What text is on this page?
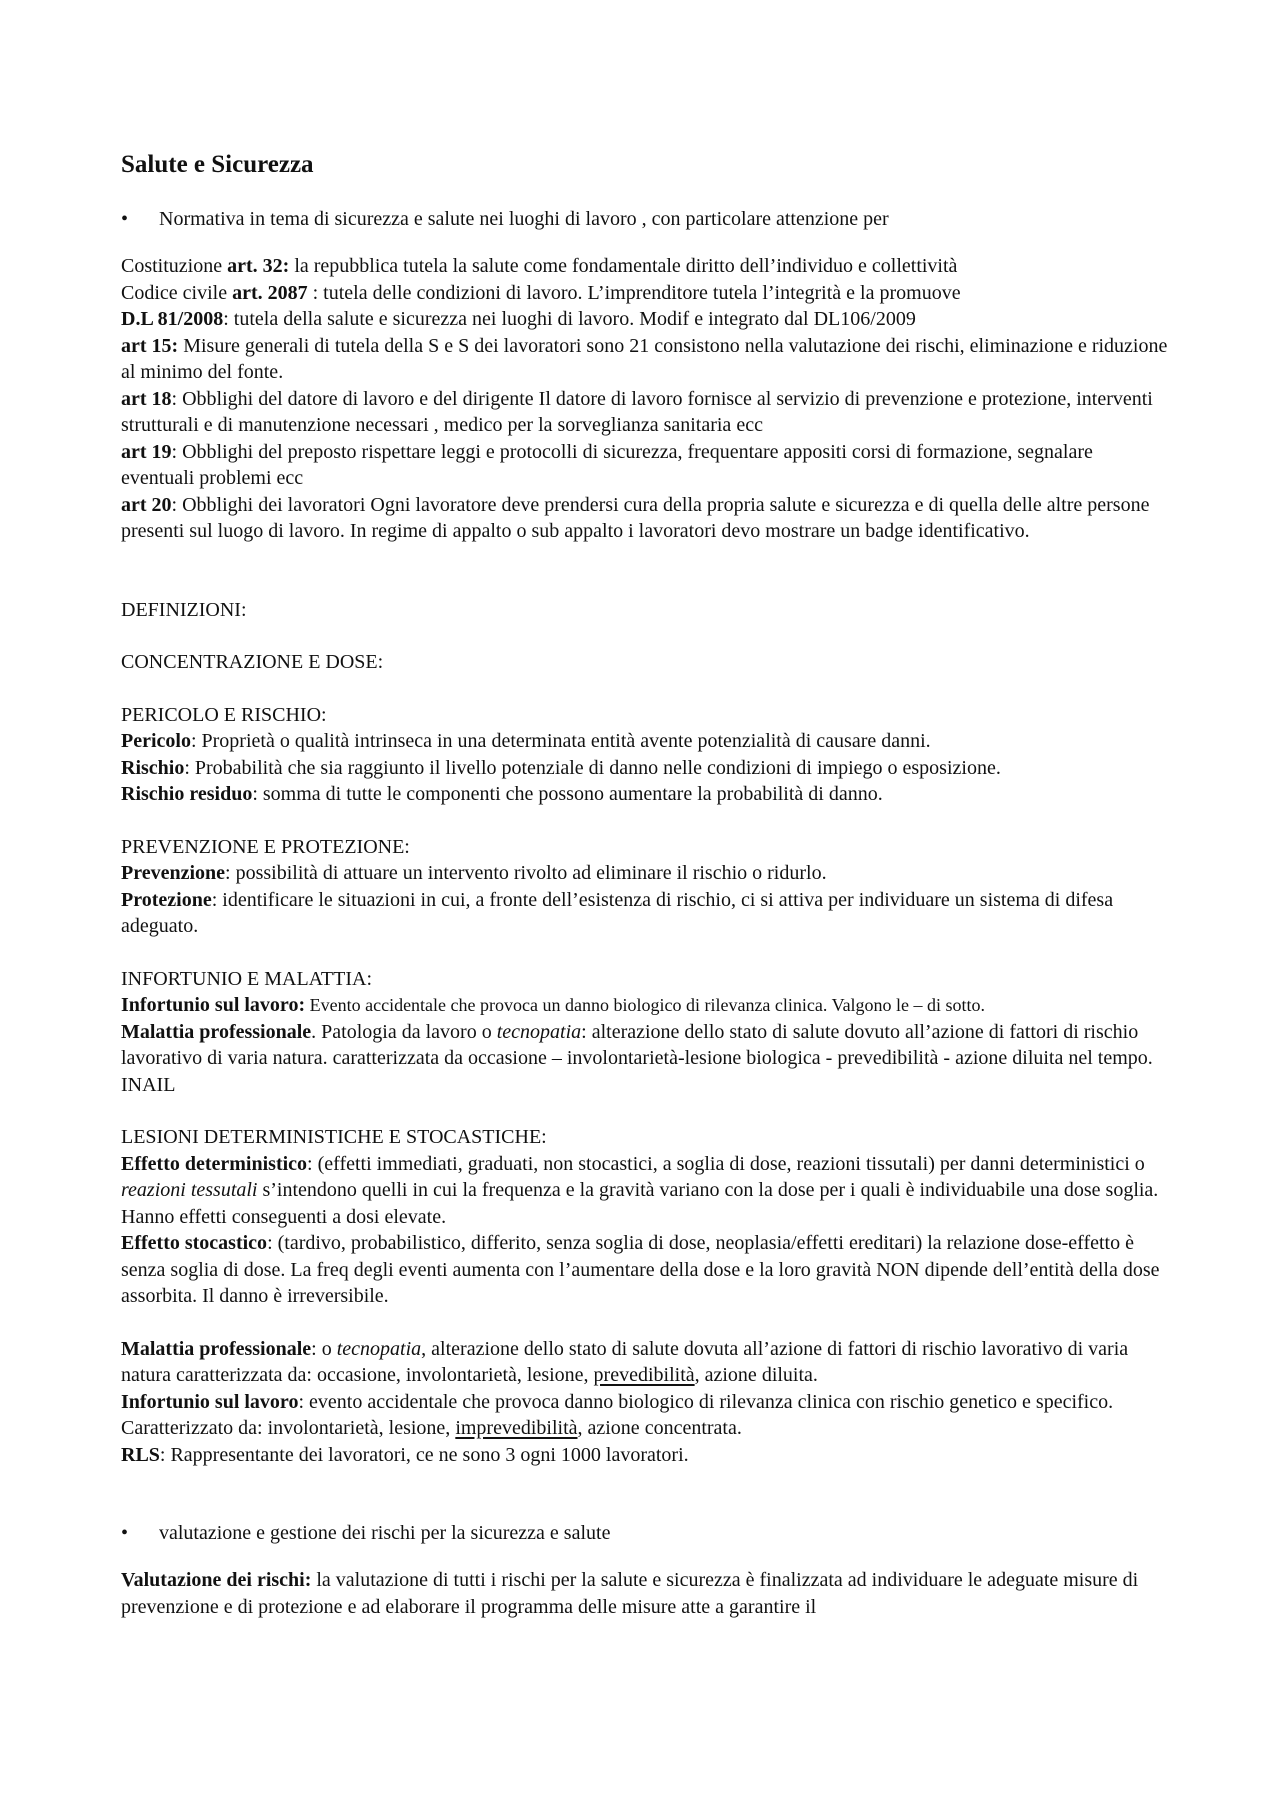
Salute e Sicurezza

• Normativa in tema di sicurezza e salute nei luoghi di lavoro , con particolare attenzione per

Costituzione art. 32: la repubblica tutela la salute come fondamentale diritto dell’individuo e collettività

Codice civile art. 2087 : tutela delle condizioni di lavoro. L’imprenditore tutela l’integrità e la promuove

D.L 81/2008: tutela della salute e sicurezza nei luoghi di lavoro. Modif e integrato dal DL106/2009

art 15: Misure generali di tutela della S e S dei lavoratori sono 21 consistono nella valutazione dei rischi, eliminazione e riduzione al minimo del fonte.

art 18: Obblighi del datore di lavoro e del dirigente Il datore di lavoro fornisce al servizio di prevenzione e protezione, interventi strutturali e di manutenzione necessari , medico per la sorveglianza sanitaria ecc

art 19: Obblighi del preposto rispettare leggi e protocolli di sicurezza, frequentare appositi corsi di formazione, segnalare eventuali problemi ecc

art 20: Obblighi dei lavoratori Ogni lavoratore deve prendersi cura della propria salute e sicurezza e di quella delle altre persone presenti sul luogo di lavoro. In regime di appalto o sub appalto i lavoratori devo mostrare un badge identificativo.

DEFINIZIONI:

CONCENTRAZIONE E DOSE:

PERICOLO E RISCHIO:

Pericolo: Proprietà o qualità intrinseca in una determinata entità avente potenzialità di causare danni.

Rischio: Probabilità che sia raggiunto il livello potenziale di danno nelle condizioni di impiego o esposizione.

Rischio residuo: somma di tutte le componenti che possono aumentare la probabilità di danno.

PREVENZIONE E PROTEZIONE:

Prevenzione: possibilità di attuare un intervento rivolto ad eliminare il rischio o ridurlo.

Protezione: identificare le situazioni in cui, a fronte dell’esistenza di rischio, ci si attiva per individuare un sistema di difesa adeguato.

INFORTUNIO E MALATTIA:

Infortunio sul lavoro: Evento accidentale che provoca un danno biologico di rilevanza clinica. Valgono le – di sotto.

Malattia professionale. Patologia da lavoro o tecnopatia: alterazione dello stato di salute dovuto all’azione di fattori di rischio lavorativo di varia natura. caratterizzata da occasione – involontarietà-lesione biologica - prevedibilità - azione diluita nel tempo. INAIL

LESIONI DETERMINISTICHE E STOCASTICHE:

Effetto deterministico: (effetti immediati, graduati, non stocastici, a soglia di dose, reazioni tissutali) per danni deterministici o reazioni tessutali s’intendono quelli in cui la frequenza e la gravità variano con la dose per i quali è individuabile una dose soglia. Hanno effetti conseguenti a dosi elevate.

Effetto stocastico: (tardivo, probabilistico, differito, senza soglia di dose, neoplasia/effetti ereditari) la relazione dose-effetto è senza soglia di dose. La freq degli eventi aumenta con l’aumentare della dose e la loro gravità NON dipende dell’entità della dose assorbita. Il danno è irreversibile.

Malattia professionale: o tecnopatia, alterazione dello stato di salute dovuta all’azione di fattori di rischio lavorativo di varia natura caratterizzata da: occasione, involontarietà, lesione, prevedibilità, azione diluita.

Infortunio sul lavoro: evento accidentale che provoca danno biologico di rilevanza clinica con rischio genetico e specifico. Caratterizzato da: involontarietà, lesione, imprevedibilità, azione concentrata.

RLS: Rappresentante dei lavoratori, ce ne sono 3 ogni 1000 lavoratori.

• valutazione e gestione dei rischi per la sicurezza e salute

Valutazione dei rischi: la valutazione di tutti i rischi per la salute e sicurezza è finalizzata ad individuare le adeguate misure di prevenzione e di protezione e ad elaborare il programma delle misure atte a garantire il
